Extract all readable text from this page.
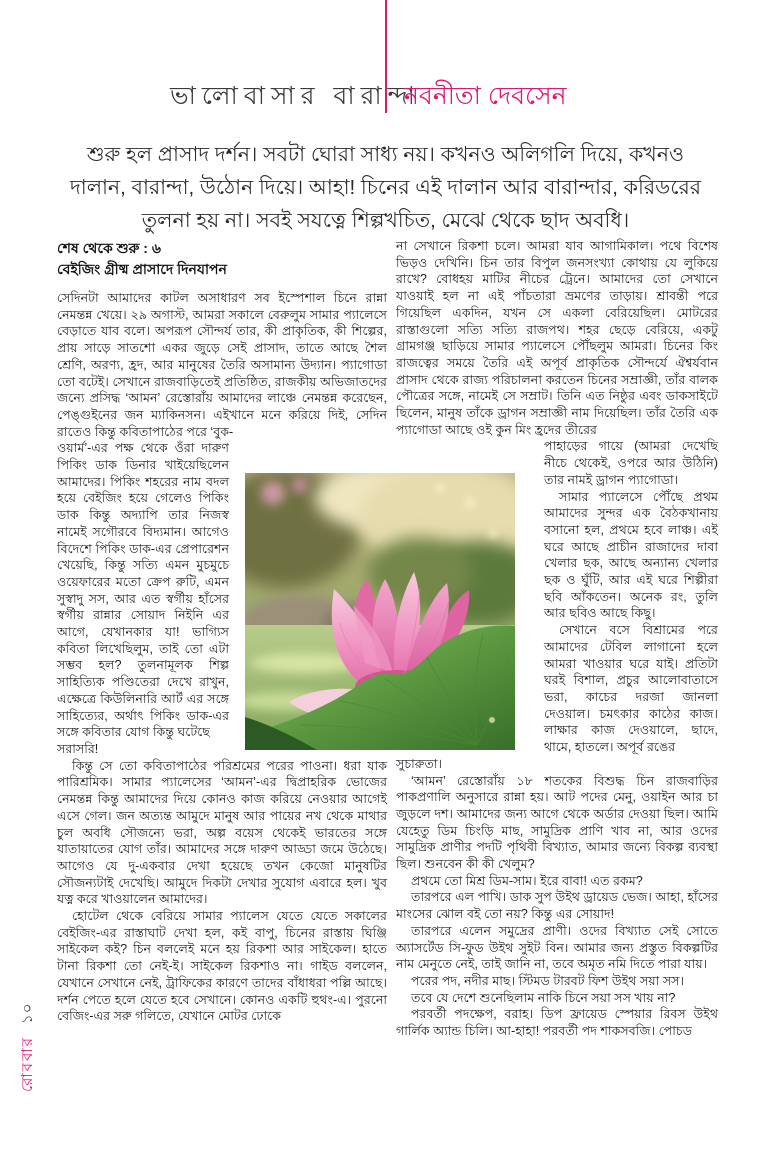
ভালোবাসার বারান্দা
নবনীতা দেবসেন
শুরু হল প্রাসাদ দর্শন। সবটা ঘোরা সাধ্য নয়। কখনও অলিগলি দিয়ে, কখনও দালান, বারান্দা, উঠোন দিয়ে। আহা! চিনের এই দালান আর বারান্দার, করিডরের তুলনা হয় না। সবই সযত্নে শিল্পখচিত, মেঝে থেকে ছাদ অবধি।
শেষ থেকে শুরু : ৬
বেইজিং গ্রীষ্ম প্রাসাদে দিনযাপন
সেদিনটা আমাদের কাটল অসাধারণ সব ইস্পেশাল চিনে রান্না নেমন্তন্ন খেয়ে। ২৯ অগাস্ট, আমরা সকালে বেরুলুম সামার প্যালেসে বেড়াতে যাব বলে। অপরূপ সৌন্দর্য তার, কী প্রাকৃতিক, কী শিল্পের, প্রায় সাড়ে সাতশো একর জুড়ে সেই প্রাসাদ, তাতে আছে শৈল শ্রেণি, অরণ্য, হ্রদ, আর মানুষের তৈরি অসামান্য উদ্যান। প্যাগোডা তো বটেই। সেখানে রাজবাড়িতেই প্রতিষ্ঠিত, রাজকীয় অভিজাতদের জন্যে প্রসিদ্ধ ‘আমন’ রেস্তোরাঁয় আমাদের লাঞ্চে নেমন্তন্ন করেছেন, পেঙ্গুইনের জন ম্যাকিনসন। এইখানে মনে করিয়ে দিই, সেদিন রাতেও কিন্তু কবিতাপাঠের পরে ‘বুক-
ওয়ার্ম’-এর পক্ষ থেকে ওঁরা দারুণ পিকিং ডাক ডিনার খাইয়েছিলেন আমাদের। পিকিং শহরের নাম বদল হয়ে বেইজিং হয়ে গেলেও পিকিং ডাক কিন্তু অদ্যাপি তার নিজস্ব নামেই সগৌরবে বিদ্যমান। আগেও বিদেশে পিকিং ডাক-এর প্রেপারেশন খেয়েছি, কিন্তু সত্যি এমন মুচমুচে ওয়েফারের মতো ক্রেপ রুটি, এমন সুস্বাদু সস, আর এত স্বর্গীয় হাঁসের স্বর্গীয় রান্নার সোয়াদ নিইনি এর আগে, যেখানকার যা! ভাগ্যিস কবিতা লিখেছিলুম, তাই তো এটা সম্ভব হল? তুলনামূলক শিল্প সাহিত্যিক পণ্ডিতেরা দেখে রাখুন, এক্ষেত্রে কিউলিনারি আর্ট এর সঙ্গে সাহিত্যের, অর্থাৎ পিকিং ডাক-এর সঙ্গে কবিতার যোগ কিন্তু ঘটেছে

সরাসরি!

কিন্তু সে তো কবিতাপাঠের পরিশ্রমের পরের পাওনা। ধরা যাক পারিশ্রমিক। সামার প্যালেসের ‘আমন’-এর দ্বিপ্রাহরিক ভোজের নেমন্তন্ন কিন্তু আমাদের দিয়ে কোনও কাজ করিয়ে নেওয়ার আগেই এসে গেল। জন অত্যন্ত আমুদে মানুষ আর পায়ের নখ থেকে মাথার চুল অবধি সৌজন্যে ভরা, অল্প বয়েস থেকেই ভারতের সঙ্গে যাতায়াতের যোগ তাঁর। আমাদের সঙ্গে দারুণ আড্ডা জমে উঠেছে। আগেও যে দু-একবার দেখা হয়েছে তখন কেজো মানুষটির সৌজন্যটাই দেখেছি। আমুদে দিকটা দেখার সুযোগ এবারে হল। খুব যত্ন করে খাওয়ালেন আমাদের।

হোটেল থেকে বেরিয়ে সামার প্যালেস যেতে যেতে সকালের বেইজিং-এর রাস্তাঘাট দেখা হল, কই বাপু, চিনের রাস্তায় ঘিঞ্জি সাইকেল কই? চিন বললেই মনে হয় রিকশা আর সাইকেল। হাতে টানা রিকশা তো নেই-ই। সাইকেল রিকশাও না। গাইড বললেন, যেখানে সেখানে নেই, ট্রাফিকের কারণে তাদের বাঁধাধরা পল্লি আছে। দর্শন পেতে হলে যেতে হবে সেখানে। কোনও একটি হুথং-এ। পুরনো বেজিং-এর সরু গলিতে, যেখানে মোটর ঢোকে

না সেখানে রিকশা চলে। আমরা যাব আগামিকাল। পথে বিশেষ ভিড়ও দেখিনি। চিন তার বিপুল জনসংখ্যা কোথায় যে লুকিয়ে রাখে? বোধহয় মাটির নীচের ট্রেনে। আমাদের তো সেখানে যাওয়াই হল না এই পাঁচতারা ভ্রমণের তাড়ায়। শ্রাবন্তী পরে গিয়েছিল একদিন, যখন সে একলা বেরিয়েছিল। মোটরের রাস্তাগুলো সত্যি সত্যি রাজপথ। শহর ছেড়ে বেরিয়ে, একটু গ্রামগঞ্জ ছাড়িয়ে সামার প্যালেসে পৌঁছলুম আমরা। চিনের কিং রাজত্বের সময়ে তৈরি এই অপূর্ব প্রাকৃতিক সৌন্দর্যে ঐশ্বর্যবান প্রাসাদ থেকে রাজ্য পরিচালনা করতেন চিনের সম্রাজ্ঞী, তাঁর বালক পৌত্রের সঙ্গে, নামেই সে সম্রাট। তিনি এত নিষ্ঠুর এবং ডাকসাইটে ছিলেন, মানুষ তাঁকে ড্রাগন সম্রাজ্ঞী নাম দিয়েছিল। তাঁর তৈরি এক প্যাগোডা আছে ওই কুন মিং হ্রদের তীরের

পাহাড়ের গায়ে (আমরা দেখেছি নীচে থেকেই, ওপরে আর উঠিনি) তার নামই ড্রাগন প্যাগোডা।

সামার প্যালেসে পৌঁছে প্রথম আমাদের সুন্দর এক বৈঠকখানায় বসানো হল, প্রথমে হবে লাঞ্চ। এই ঘরে আছে প্রাচীন রাজাদের দাবা খেলার ছক, আছে অন্যান্য খেলার ছক ও ঘুঁটি, আর এই ঘরে শিল্পীরা ছবি আঁকতেন। অনেক রং, তুলি আর ছবিও আছে কিছু।

সেখানে বসে বিশ্রামের পরে আমাদের টেবিল লাগানো হলে আমরা খাওয়ার ঘরে যাই। প্রতিটা ঘরই বিশাল, প্রচুর আলোবাতাসে ভরা, কাচের দরজা জানলা দেওয়াল। চমৎকার কাঠের কাজ। লাক্ষার কাজ দেওয়ালে, ছাদে, থামে, হাতলে। অপূর্ব রঙের

সুচারুতা।

‘আমন’ রেস্তোরাঁয় ১৮ শতকের বিশুদ্ধ চিন রাজবাড়ির পাকপ্রণালি অনুসারে রান্না হয়। আট পদের মেনু, ওয়াইন আর চা জুড়লে দশ। আমাদের জন্য আগে থেকে অর্ডার দেওয়া ছিল। আমি যেহেতু ডিম চিংড়ি মাছ, সামুদ্রিক প্রাণি খাব না, আর ওদের সামুদ্রিক প্রাণীর পদটি পৃথিবী বিখ্যাত, আমার জন্যে বিকল্প ব্যবস্থা ছিল। শুনবেন কী কী খেলুম?

প্রথমে তো মিশ্র ডিম-সাম। ইরে বাবা! এত রকম?

তারপরে এল পাখি। ডাক সুপ উইথ ড্রায়েড ভেজ। আহা, হাঁসের মাংসের ঝোল বই তো নয়? কিন্তু এর সোয়াদ!

তারপরে এলেন সমুদ্রের প্রাণী। ওদের বিখ্যাত সেই সোতে অ্যাসর্টেড সি-ফুড উইথ সুইট বিন। আমার জন্য প্রস্তুত বিকল্পটির নাম মেনুতে নেই, তাই জানি না, তবে অমৃত নমি দিতে পারা যায়।

পরের পদ, নদীর মাছ। স্টিমড টারবট ফিশ উইথ সয়া সস।

তবে যে দেশে শুনেছিলাম নাকি চিনে সয়া সস খায় না?

পরবর্তী পদক্ষেপ, বরাহ। ডিপ ফ্রায়েড স্পেয়ার রিবস উইথ গার্লিক অ্যান্ড চিলি। আ-হাহা! পরবর্তী পদ শাকসবজি। পোচড

রোববার১০
